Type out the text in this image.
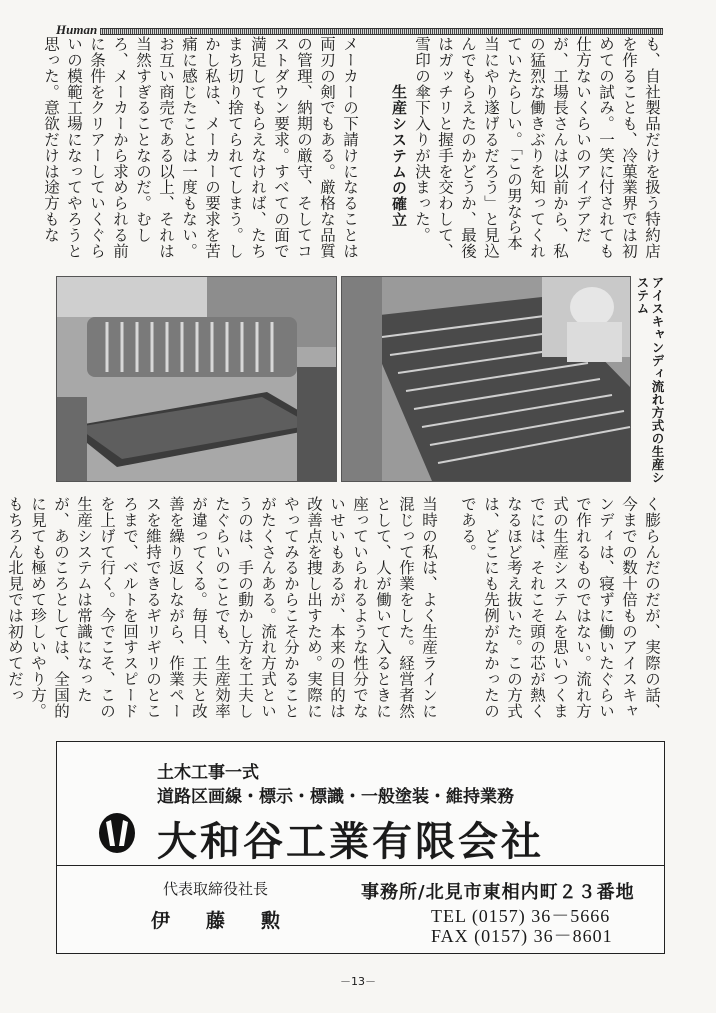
Human

も、自社製品だけを扱う特約店を作ることも、冷菓業界では初めての試み。一笑に付されても仕方ないくらいのアイデアだが、工場長さんは以前から、私の猛烈な働きぶりを知ってくれていたらしい。「この男なら本当にやり遂げるだろう」と見込んでもらえたのかどうか、最後はガッチリと握手を交わして、雪印の傘下入りが決まった。

生産システムの確立

メーカーの下請けになることは両刃の剣でもある。厳格な品質の管理、納期の厳守、そしてコストダウン要求。すべての面で満足してもらえなければ、たちまち切り捨てられてしまう。しかし私は、メーカーの要求を苦痛に感じたことは一度もない。お互い商売である以上、それは当然すぎることなのだ。むしろ、メーカーから求められる前に条件をクリアーしていくぐらいの模範工場になってやろうと思った。意欲だけは途方もな

アイスキャンディ流れ方式の生産システム

く膨らんだのだが、実際の話、今までの数十倍ものアイスキャンディは、寝ずに働いたぐらいで作れるものではない。流れ方式の生産システムを思いつくまでには、それこそ頭の芯が熱くなるほど考え抜いた。この方式は、どこにも先例がなかったのである。

当時の私は、よく生産ラインに混じって作業をした。経営者然として、人が働いて入るときに座っていられるような性分でないせいもあるが、本来の目的は改善点を捜し出すため。実際にやってみるからこそ分かることがたくさんある。流れ方式というのは、手の動かし方を工夫したぐらいのことでも、生産効率が違ってくる。毎日、工夫と改善を繰り返しながら、作業ペースを維持できるギリギリのところまで、ベルトを回すスピードを上げて行く。今でこそ、この生産システムは常識になったが、あのころとしては、全国的に見ても極めて珍しいやり方。もちろん北見では初めてだっ

土木工事一式
道路区画線・標示・標識・一般塗装・維持業務
大和谷工業有限会社
代表取締役社長
伊藤勲
事務所/北見市東相内町２３番地
TEL (0157) 36－5666
FAX (0157) 36－8601
－13－
